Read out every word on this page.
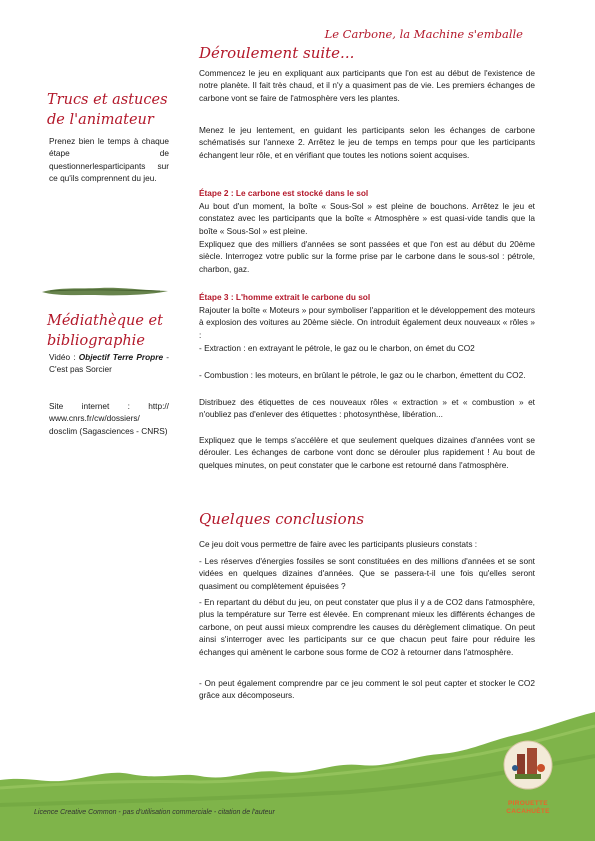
Le Carbone, la Machine s'emballe
Trucs et astuces
de l'animateur

Prenez bien le temps à chaque étape de questionnerlesparticipants sur ce qu'ils comprennent du jeu.

Médiathèque et
bibliographie

Vidéo : Objectif Terre Propre - C'est pas Sorcier

Site internet : http:// www.cnrs.fr/cw/dossiers/ dosclim (Sagasciences - CNRS)

Déroulement suite...

Commencez le jeu en expliquant aux participants que l'on est au début de l'existence de notre planète. Il fait très chaud, et il n'y a quasiment pas de vie. Les premiers échanges de carbone vont se faire de l'atmosphère vers les plantes.

Menez le jeu lentement, en guidant les participants selon les échanges de carbone schématisés sur l'annexe 2. Arrêtez le jeu de temps en temps pour que les participants échangent leur rôle, et en vérifiant que toutes les notions soient acquises.

Étape 2 : Le carbone est stocké dans le sol

Au bout d'un moment, la boîte « Sous-Sol » est pleine de bouchons. Arrêtez le jeu et constatez avec les participants que la boîte « Atmosphère » est quasi-vide tandis que la boîte « Sous-Sol » est pleine.

Expliquez que des milliers d'années se sont passées et que l'on est au début du 20ème siècle. Interrogez votre public sur la forme prise par le carbone dans le sous-sol : pétrole, charbon, gaz.

Étape 3 : L'homme extrait le carbone du sol

Rajouter la boîte « Moteurs » pour symboliser l'apparition et le développement des moteurs à explosion des voitures au 20ème siècle. On introduit également deux nouveaux « rôles » :

- Extraction : en extrayant le pétrole, le gaz ou le charbon, on émet du CO2

- Combustion : les moteurs, en brûlant le pétrole, le gaz ou le charbon, émettent du CO2.

Distribuez des étiquettes de ces nouveaux rôles « extraction » et « combustion » et n'oubliez pas d'enlever des étiquettes : photosynthèse, libération...

Expliquez que le temps s'accélère et que seulement quelques dizaines d'années vont se dérouler. Les échanges de carbone vont donc se dérouler plus rapidement ! Au bout de quelques minutes, on peut constater que le carbone est retourné dans l'atmosphère.

Quelques conclusions

Ce jeu doit vous permettre de faire avec les participants plusieurs constats :

- Les réserves d'énergies fossiles se sont constituées en des millions d'années et se sont vidées en quelques dizaines d'années. Que se passera-t-il une fois qu'elles seront quasiment ou complètement épuisées ?

- En repartant du début du jeu, on peut constater que plus il y a de CO2 dans l'atmosphère, plus la température sur Terre est élevée. En comprenant mieux les différents échanges de carbone, on peut aussi mieux comprendre les causes du dérèglement climatique. On peut ainsi s'interroger avec les participants sur ce que chacun peut faire pour réduire les échanges qui amènent le carbone sous forme de CO2 à retourner dans l'atmosphère.

- On peut également comprendre par ce jeu comment le sol peut capter et stocker le CO2 grâce aux décomposeurs.

Licence Creative Common - pas d'utilisation commerciale - citation de l'auteur
PIROUETTE
CACAHUÈTE
